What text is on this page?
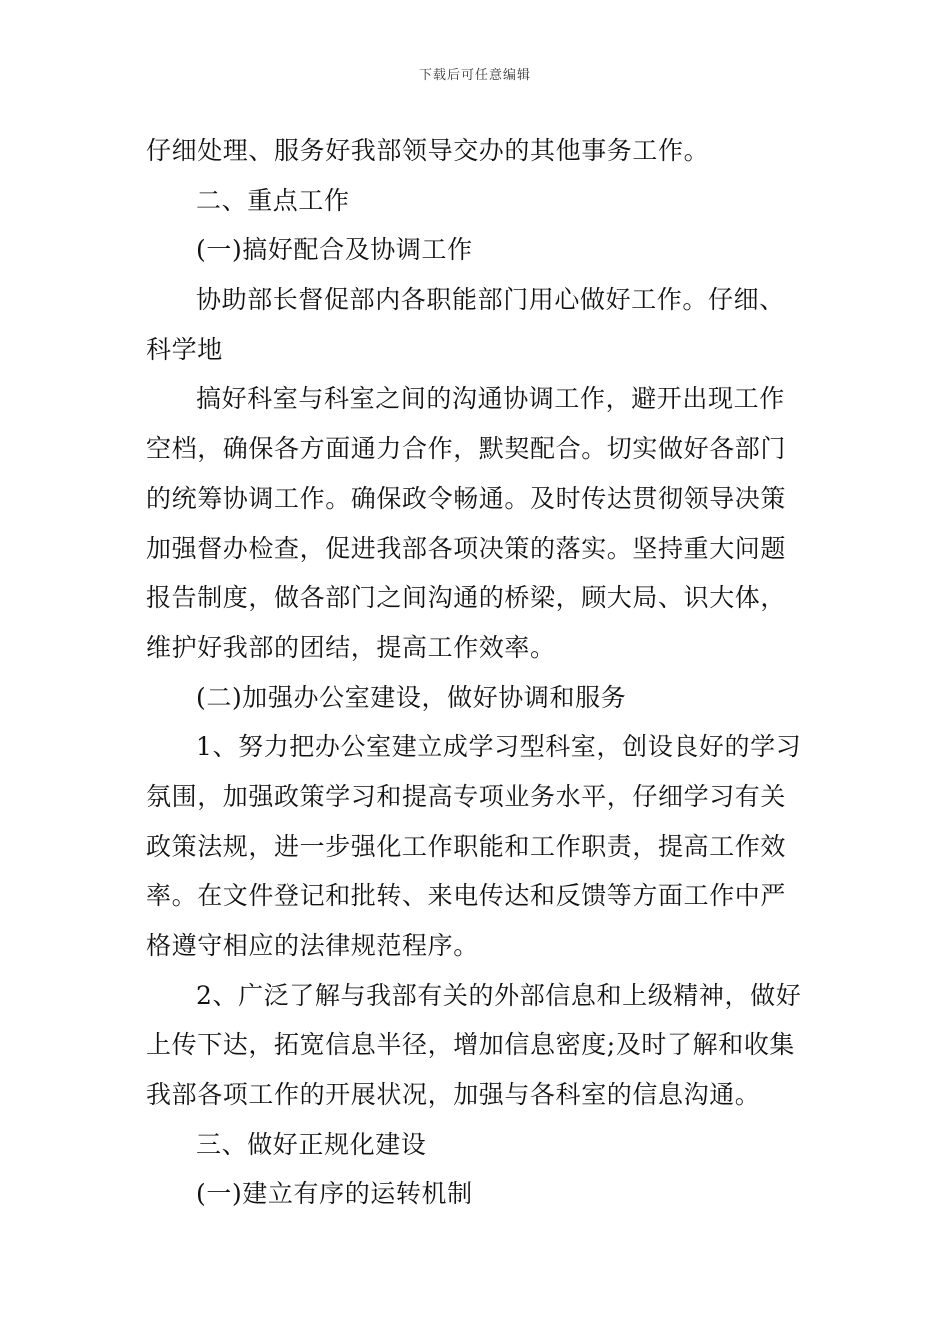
下载后可任意编辑
仔细处理、服务好我部领导交办的其他事务工作。
二、重点工作
(一)搞好配合及协调工作
协助部长督促部内各职能部门用心做好工作。仔细、
科学地
搞好科室与科室之间的沟通协调工作，避开出现工作
空档，确保各方面通力合作，默契配合。切实做好各部门
的统筹协调工作。确保政令畅通。及时传达贯彻领导决策
加强督办检查，促进我部各项决策的落实。坚持重大问题
报告制度，做各部门之间沟通的桥梁，顾大局、识大体，
维护好我部的团结，提高工作效率。
(二)加强办公室建设，做好协调和服务
1、努力把办公室建立成学习型科室，创设良好的学习
氛围，加强政策学习和提高专项业务水平，仔细学习有关
政策法规，进一步强化工作职能和工作职责，提高工作效
率。在文件登记和批转、来电传达和反馈等方面工作中严
格遵守相应的法律规范程序。
2、广泛了解与我部有关的外部信息和上级精神，做好
上传下达，拓宽信息半径，增加信息密度;及时了解和收集
我部各项工作的开展状况，加强与各科室的信息沟通。
三、做好正规化建设
(一)建立有序的运转机制
